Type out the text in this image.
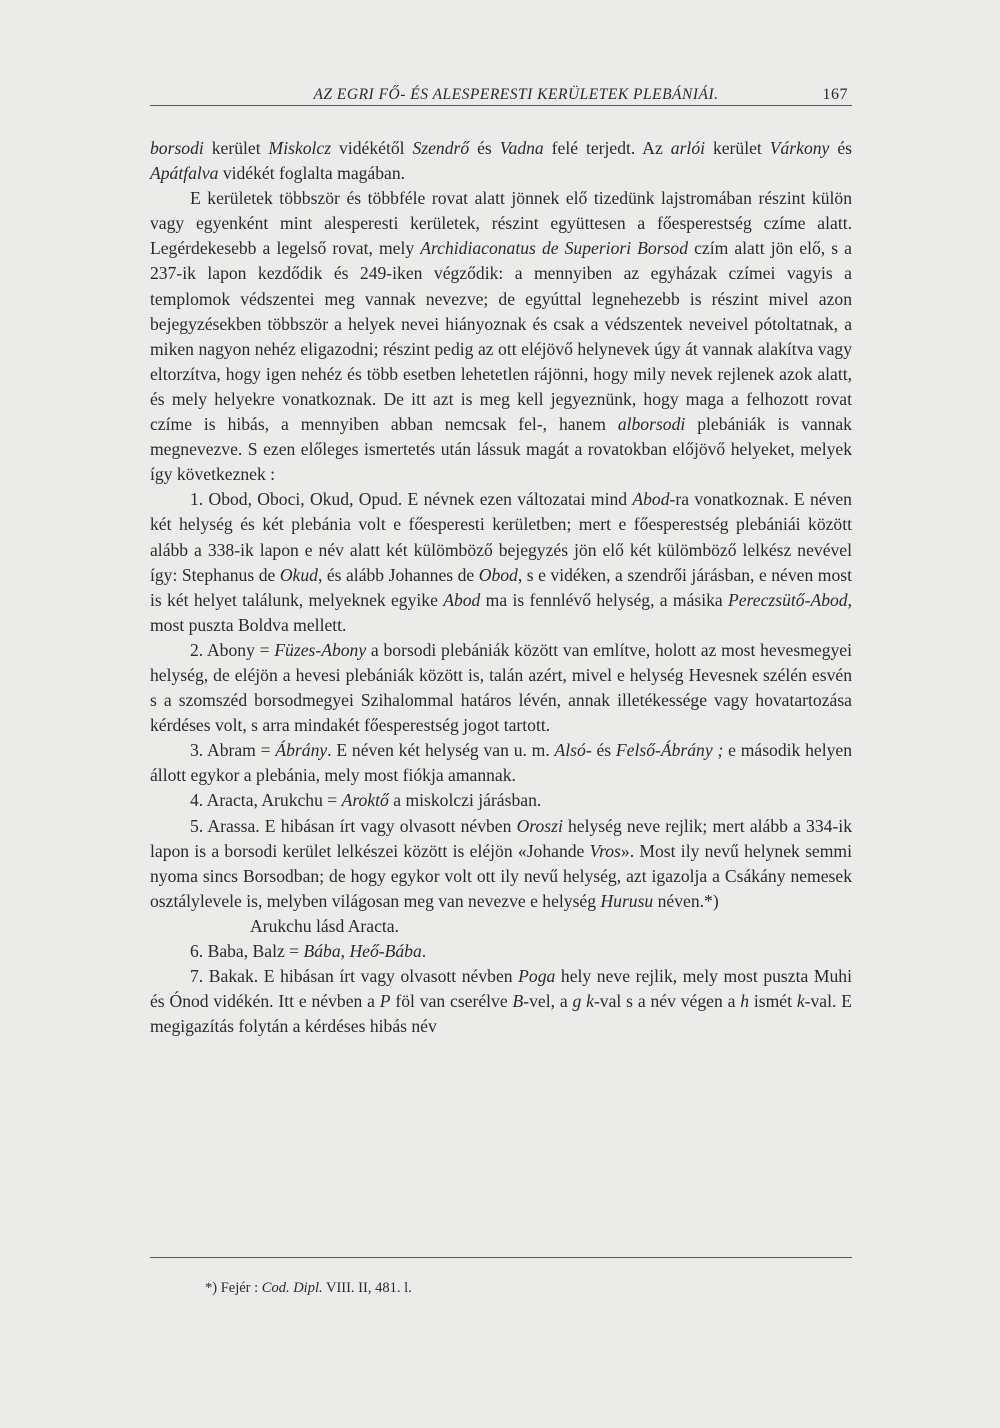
AZ EGRI FŐ- ÉS ALESPERESTI KERÜLETEK PLEBÁNIÁI.	167

borsodi kerület Miskolcz vidékétől Szendrő és Vadna felé terjedt. Az arlói kerület Várkony és Apátfalva vidékét foglalta magában.

E kerületek többször és többféle rovat alatt jönnek elő tizedünk lajstromában részint külön vagy egyenként mint alesperesti kerületek, részint együttesen a főesperestség czíme alatt. Legérdekesebb a legelső rovat, mely Archidiaconatus de Superiori Borsod czím alatt jön elő, s a 237-ik lapon kezdődik és 249-iken végződik: a mennyiben az egyházak czímei vagyis a templomok védszentei meg vannak nevezve; de egyúttal legnehezebb is részint mivel azon bejegyzésekben többször a helyek nevei hiányoznak és csak a védszentek neveivel pótoltatnak, a miken nagyon nehéz eligazodni; részint pedig az ott eléjövő helynevek úgy át vannak alakítva vagy eltorzítva, hogy igen nehéz és több esetben lehetetlen rájönni, hogy mily nevek rejlenek azok alatt, és mely helyekre vonatkoznak. De itt azt is meg kell jegyeznünk, hogy maga a felhozott rovat czíme is hibás, a mennyiben abban nemcsak fel-, hanem alborsodi plebániák is vannak megnevezve. S ezen előleges ismertetés után lássuk magát a rovatokban előjövő helyeket, melyek így következnek :

1. Obod, Oboci, Okud, Opud. E névnek ezen változatai mind Abod-ra vonatkoznak. E néven két helység és két plebánia volt e főesperesti kerületben; mert e főesperestség plebániái között alább a 338-ik lapon e név alatt két külömböző bejegyzés jön elő két külömböző lelkész nevével így: Stephanus de Okud, és alább Johannes de Obod, s e vidéken, a szendrői járásban, e néven most is két helyet találunk, melyeknek egyike Abod ma is fennlévő helység, a másika Pereczsütő-Abod, most puszta Boldva mellett.

2. Abony = Füzes-Abony a borsodi plebániák között van említve, holott az most hevesmegyei helység, de eléjön a hevesi plebániák között is, talán azért, mivel e helység Hevesnek szélén esvén s a szomszéd borsodmegyei Szihalommal határos lévén, annak illetékessége vagy hovatartozása kérdéses volt, s arra mindakét főesperestség jogot tartott.

3. Abram = Ábrány. E néven két helység van u. m. Alsó- és Felső-Ábrány ; e második helyen állott egykor a plebánia, mely most fiókja amannak.

4. Aracta, Arukchu = Aroktő a miskolczi járásban.

5. Arassa. E hibásan írt vagy olvasott névben Oroszi helység neve rejlik; mert alább a 334-ik lapon is a borsodi kerület lelkészei között is eléjön «Johande Vros». Most ily nevű helynek semmi nyoma sincs Borsodban; de hogy egykor volt ott ily nevű helység, azt igazolja a Csákány nemesek osztálylevele is, melyben világosan meg van nevezve e helység Hurusu néven.*)

Arukchu lásd Aracta.

6. Baba, Balz = Bába, Heő-Bába.

7. Bakak. E hibásan írt vagy olvasott névben Poga hely neve rejlik, mely most puszta Muhi és Ónod vidékén. Itt e névben a P föl van cserélve B-vel, a g k-val s a név végen a h ismét k-val. E megigazítás folytán a kérdéses hibás név

*) Fejér : Cod. Dipl. VIII. II, 481. l.
